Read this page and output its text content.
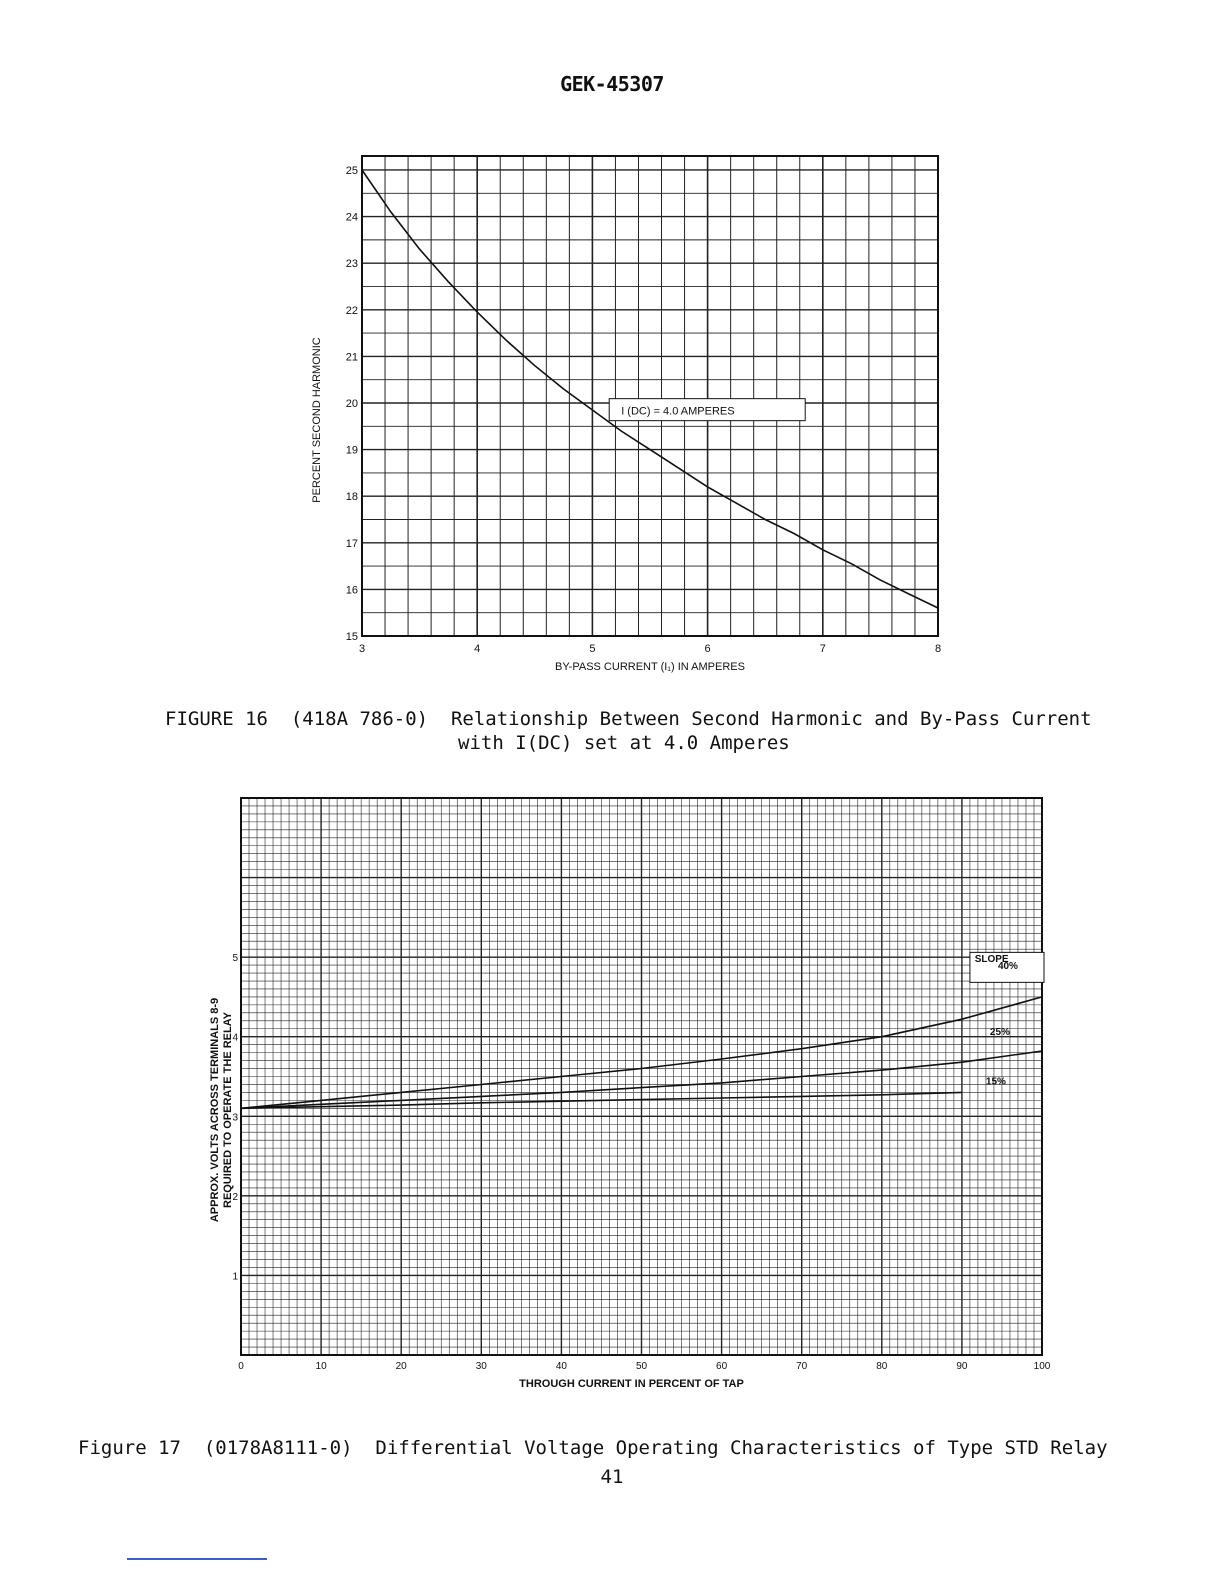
GEK-45307
3	4	5	6	7	8
15
16
17
18
19
20
21
22
23
24
25
I (DC) = 4.0 AMPERES
BY-PASS CURRENT (I₁) IN AMPERES
PERCENT SECOND HARMONIC
FIGURE 16  (418A 786-0)  Relationship Between Second Harmonic and By-Pass Current
with I(DC) set at 4.0 Amperes
0	10	20	30	40	50	60	70	80	90	100
1
2
3
4
5	SLOPE
40%
25%
15%
THROUGH CURRENT IN PERCENT OF TAP
APPROX. VOLTS ACROSS TERMINALS 8-9 REQUIRED TO OPERATE THE RELAY
Figure 17  (0178A8111-0)  Differential Voltage Operating Characteristics of Type STD Relay
41
